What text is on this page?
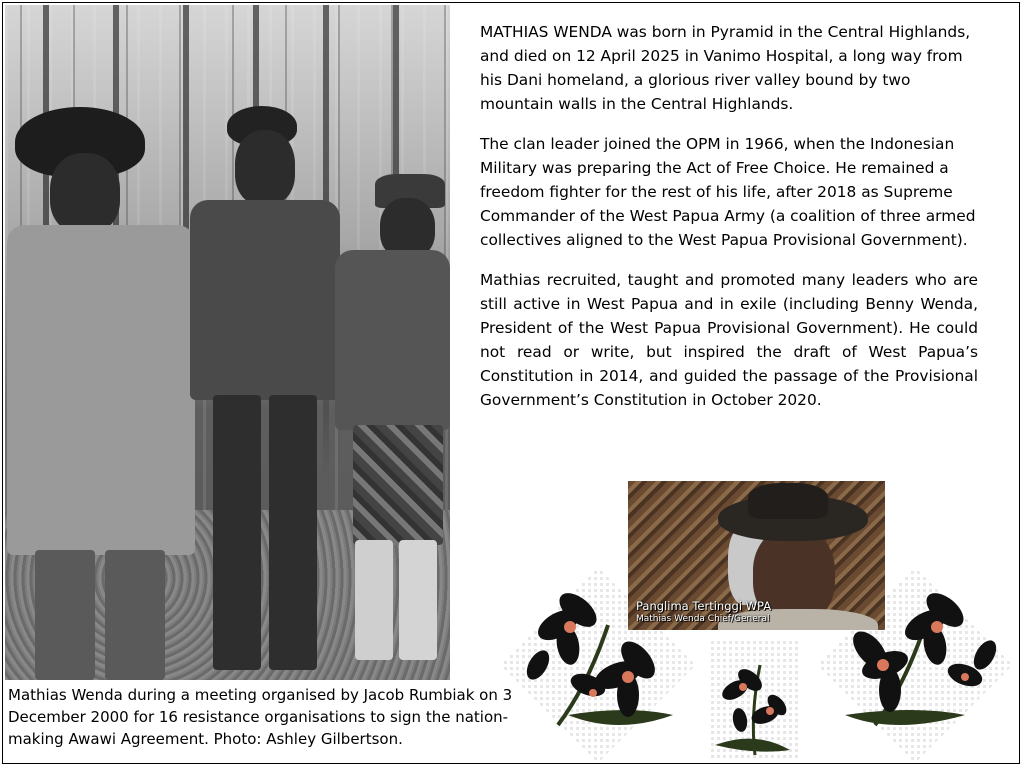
MATHIAS WENDA was born in Pyramid in the Central Highlands, and died on 12 April 2025 in Vanimo Hospital, a long way from his Dani homeland, a glorious river valley bound by two mountain walls in the Central Highlands.

The clan leader joined the OPM in 1966, when the Indonesian Military was preparing the Act of Free Choice. He remained a freedom fighter for the rest of his life, after 2018 as Supreme Commander of the West Papua Army (a coalition of three armed collectives aligned to the West Papua Provisional Government).

Mathias recruited, taught and promoted many leaders who are still active in West Papua and in exile (including Benny Wenda, President of the West Papua Provisional Government). He could not read or write, but inspired the draft of West Papua’s Constitution in 2014, and guided the passage of the Provisional Government’s Constitution in October 2020.

Mathias Wenda during a meeting organised by Jacob Rumbiak on 3 December 2000 for 16 resistance organisations to sign the nation-making Awawi Agreement. Photo: Ashley Gilbertson.
Panglima Tertinggi WPA
Mathias Wenda Chief/General
